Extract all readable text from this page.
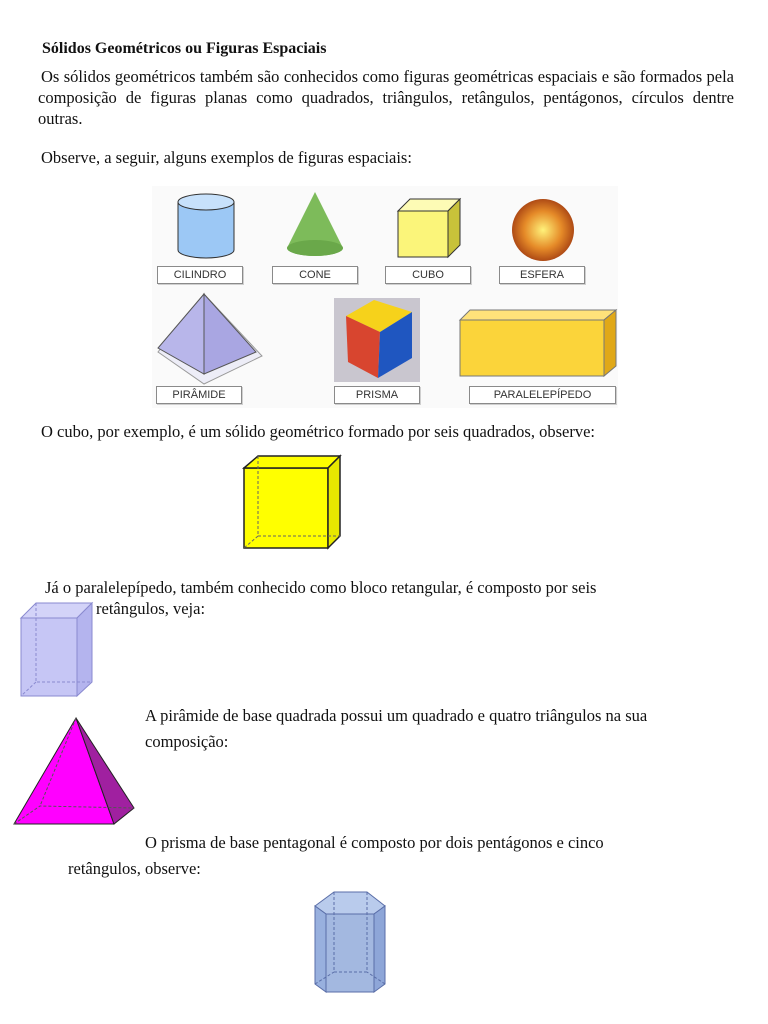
Sólidos Geométricos ou Figuras Espaciais
Os sólidos geométricos também são conhecidos como figuras geométricas espaciais e são formados pela composição de figuras planas como quadrados, triângulos, retângulos, pentágonos, círculos dentre outras.
Observe, a seguir, alguns exemplos de figuras espaciais:
CILINDRO	CONE	CUBO	ESFERA
PIRÂMIDE	PRISMA	PARALELEPÍPEDO
O cubo, por exemplo, é um sólido geométrico formado por seis quadrados, observe:
Já o paralelepípedo, também conhecido como bloco retangular, é composto por seis
retângulos, veja:
A pirâmide de base quadrada possui um quadrado e quatro triângulos na sua
composição:
O prisma de base pentagonal é composto por dois pentágonos e cinco
retângulos, observe:
